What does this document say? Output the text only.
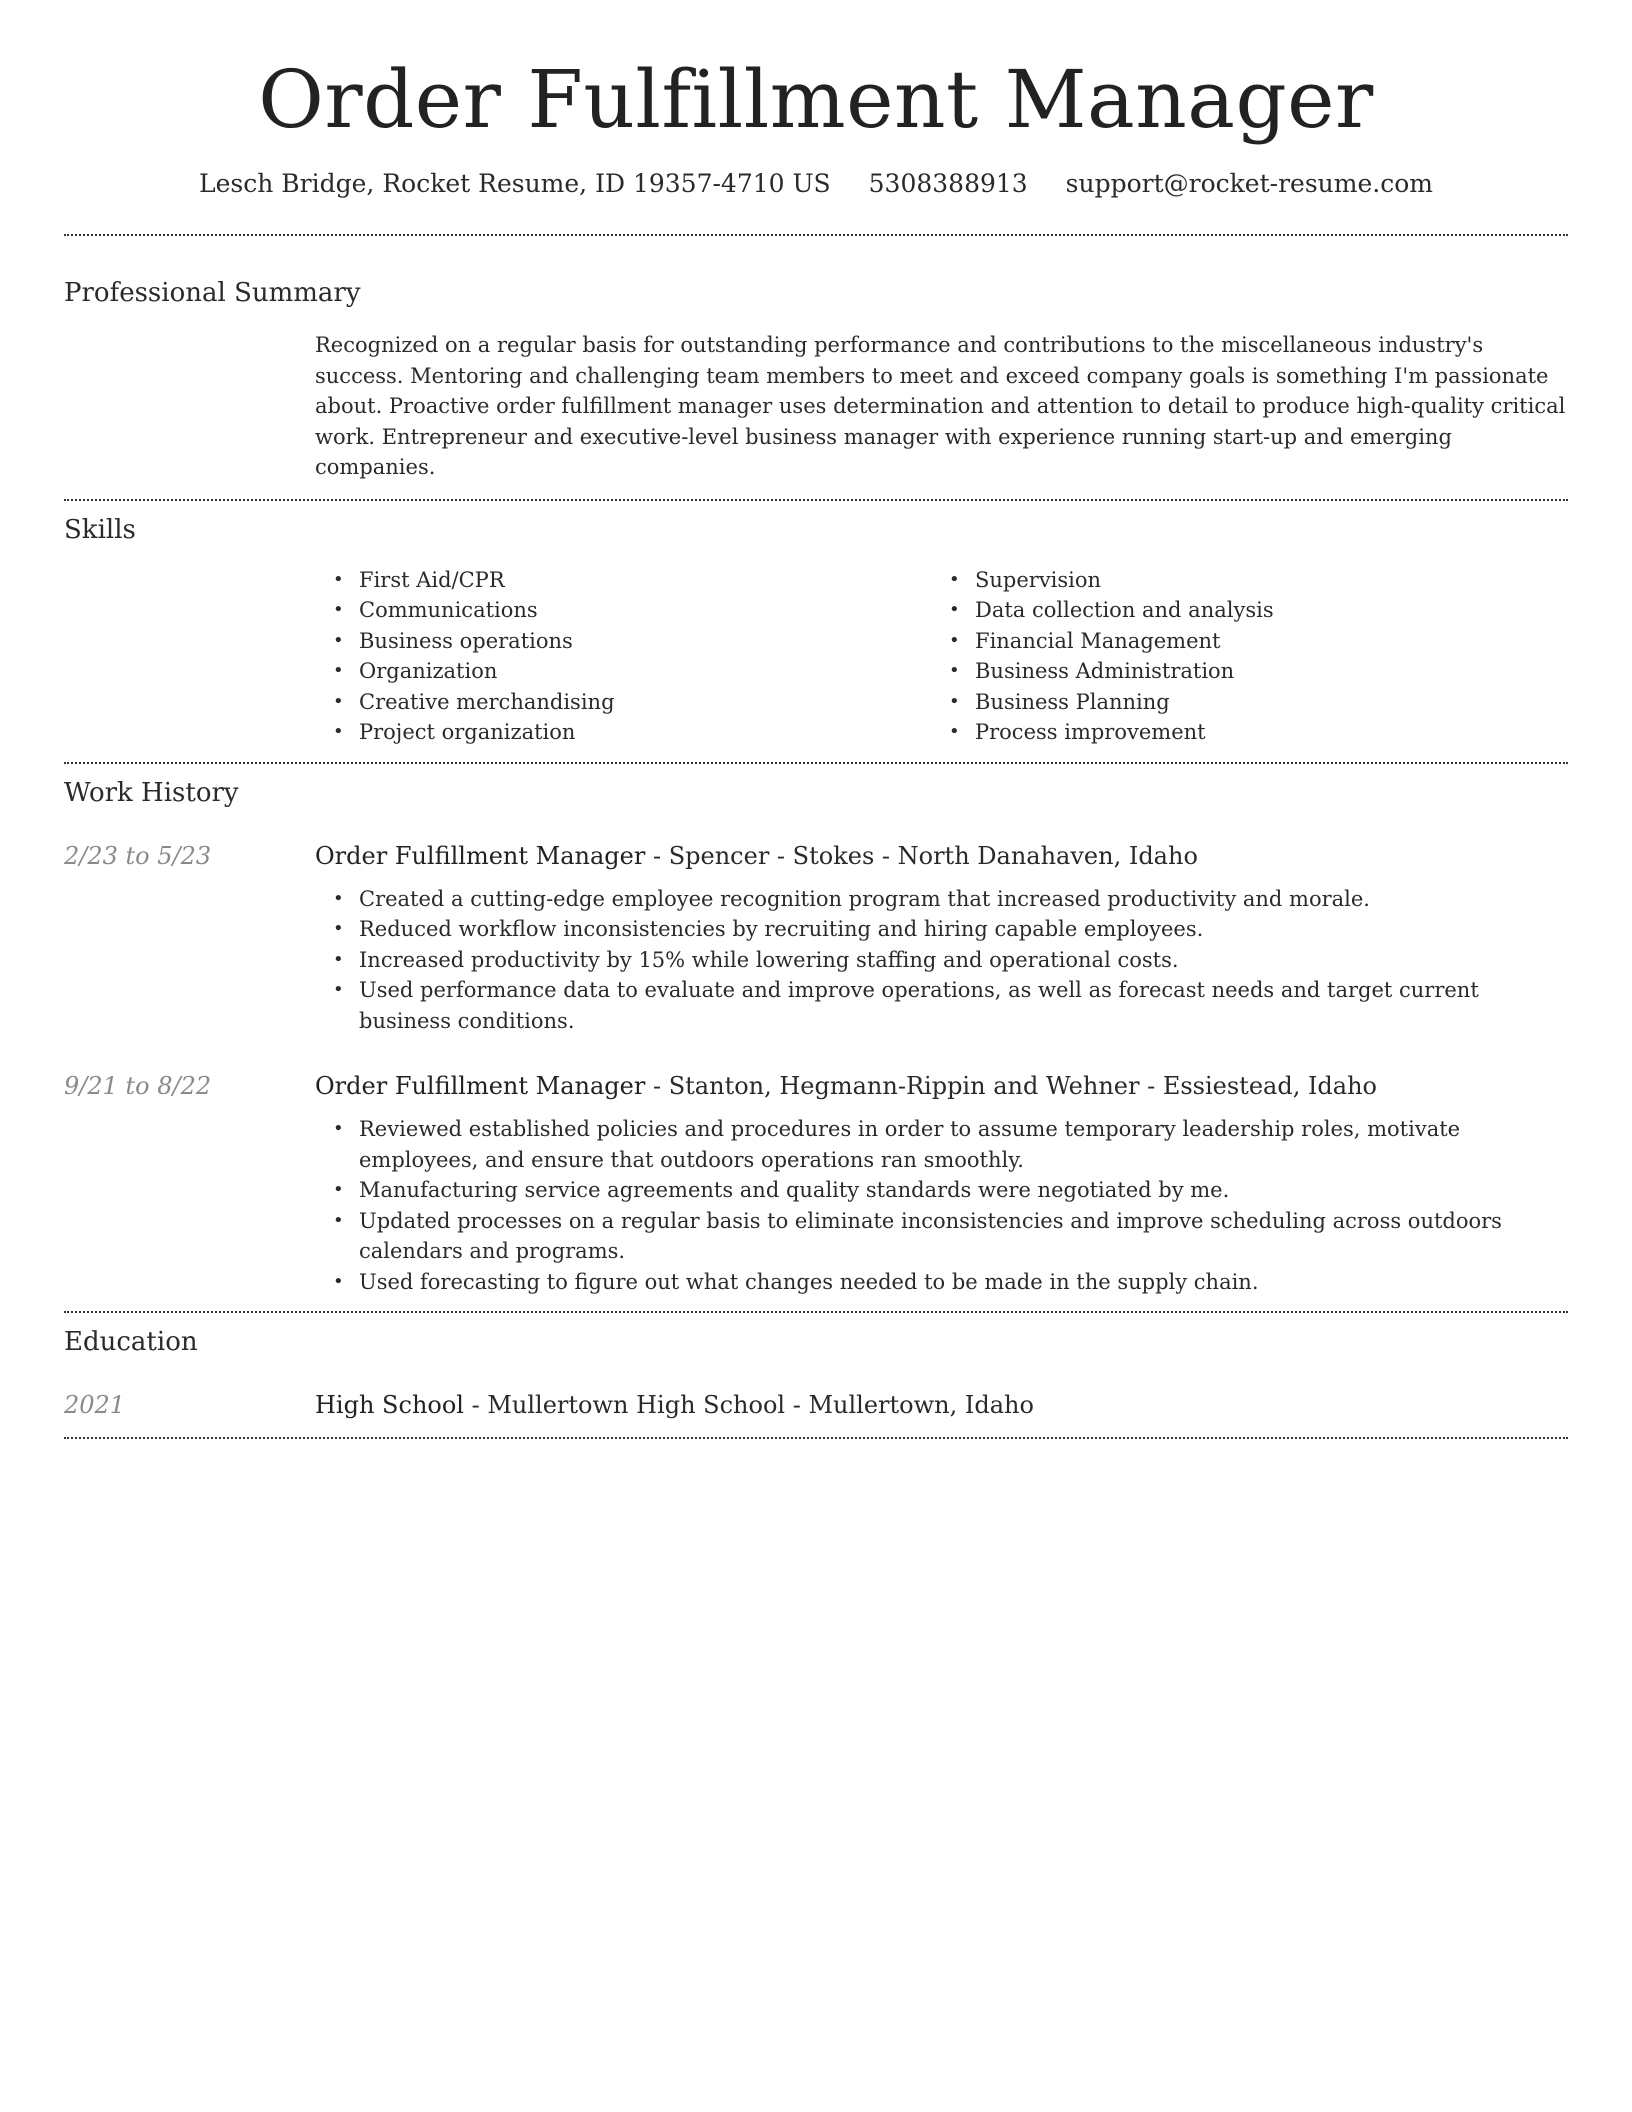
Order Fulfillment Manager
Lesch Bridge, Rocket Resume, ID 19357-4710 US 5308388913 support@rocket-resume.com
Professional Summary

Recognized on a regular basis for outstanding performance and contributions to the miscellaneous industry's success. Mentoring and challenging team members to meet and exceed company goals is something I'm passionate about. Proactive order fulfillment manager uses determination and attention to detail to produce high-quality critical work. Entrepreneur and executive-level business manager with experience running start-up and emerging companies.

Skills
• First Aid/CPR
• Communications
• Business operations
• Organization
• Creative merchandising
• Project organization
• Supervision
• Data collection and analysis
• Financial Management
• Business Administration
• Business Planning
• Process improvement
Work History
2/23 to 5/23	Order Fulfillment Manager - Spencer - Stokes - North Danahaven, Idaho
• Created a cutting-edge employee recognition program that increased productivity and morale.
• Reduced workflow inconsistencies by recruiting and hiring capable employees.
• Increased productivity by 15% while lowering staffing and operational costs.
• Used performance data to evaluate and improve operations, as well as forecast needs and target current business conditions.
9/21 to 8/22	Order Fulfillment Manager - Stanton, Hegmann-Rippin and Wehner - Essiestead, Idaho
• Reviewed established policies and procedures in order to assume temporary leadership roles, motivate employees, and ensure that outdoors operations ran smoothly.
• Manufacturing service agreements and quality standards were negotiated by me.
• Updated processes on a regular basis to eliminate inconsistencies and improve scheduling across outdoors calendars and programs.
• Used forecasting to figure out what changes needed to be made in the supply chain.
Education
2021	High School - Mullertown High School - Mullertown, Idaho
